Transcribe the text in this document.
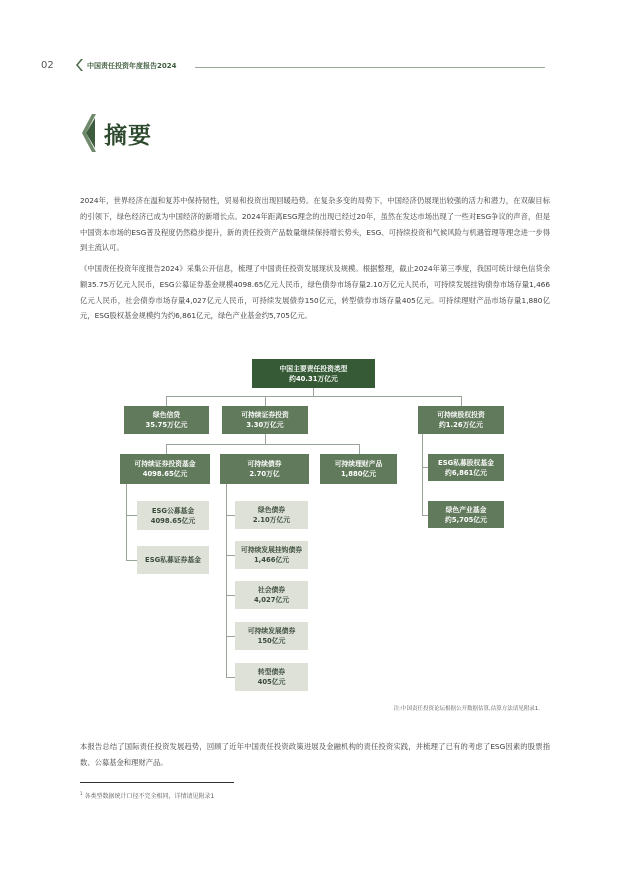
02	中国责任投资年度报告2024
摘要
2024年，世界经济在温和复苏中保持韧性，贸易和投资出现回暖趋势。在复杂多变的局势下，中国经济仍展现出较强的活力和潜力，在双碳目标的引领下，绿色经济已成为中国经济的新增长点。2024年距离ESG理念的出现已经过20年，虽然在发达市场出现了一些对ESG争议的声音，但是中国资本市场的ESG普及程度仍然稳步提升，新的责任投资产品数量继续保持增长势头，ESG、可持续投资和气候风险与机遇管理等理念进一步得到主流认可。
《中国责任投资年度报告2024》采集公开信息，梳理了中国责任投资发展现状及规模。根据整理，截止2024年第三季度，我国可统计绿色信贷余额35.75万亿元人民币，ESG公募证券基金规模4098.65亿元人民币，绿色债券市场存量2.10万亿元人民币，可持续发展挂钩债券市场存量1,466亿元人民币，社会债券市场存量4,027亿元人民币，可持续发展债券150亿元，转型债券市场存量405亿元。可持续理财产品市场存量1,880亿元，ESG股权基金规模约为约6,861亿元，绿色产业基金约5,705亿元。
中国主要责任投资类型
约40.31万亿元
绿色信贷
35.75万亿元
可持续证券投资
3.30万亿元
可持续股权投资
约1.26万亿元
可持续证券投资基金
4098.65亿元
可持续债券
2.70万亿
可持续理财产品
1,880亿元
ESG私募股权基金
约6,861亿元
绿色产业基金
约5,705亿元
ESG公募基金
4098.65亿元
ESG私募证券基金
绿色债券
2.10万亿元
可持续发展挂钩债券
1,466亿元
社会债券
4,027亿元
可持续发展债券
150亿元
转型债券
405亿元
注:中国责任投资论坛根据公开数据估算,估算方法请见附录1.
本报告总结了国际责任投资发展趋势，回顾了近年中国责任投资政策进展及金融机构的责任投资实践，并梳理了已有的考虑了ESG因素的股票指数、公募基金和理财产品。
$^1$ 各类型数据统计口径不完全相同，详情请见附录1
